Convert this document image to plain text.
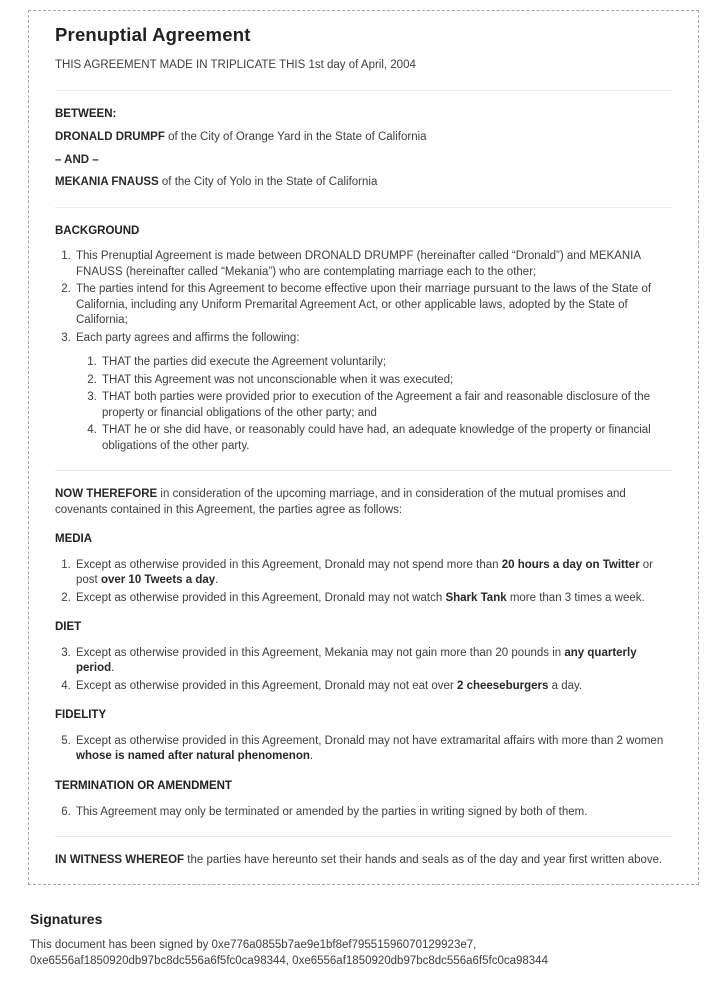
Prenuptial Agreement

THIS AGREEMENT MADE IN TRIPLICATE THIS 1st day of April, 2004

BETWEEN:

DRONALD DRUMPF of the City of Orange Yard in the State of California

– AND –

MEKANIA FNAUSS of the City of Yolo in the State of California

BACKGROUND

1. This Prenuptial Agreement is made between DRONALD DRUMPF (hereinafter called “Dronald”) and MEKANIA FNAUSS (hereinafter called “Mekania”) who are contemplating marriage each to the other;
2. The parties intend for this Agreement to become effective upon their marriage pursuant to the laws of the State of California, including any Uniform Premarital Agreement Act, or other applicable laws, adopted by the State of California;
3. Each party agrees and affirms the following:
1. THAT the parties did execute the Agreement voluntarily;
2. THAT this Agreement was not unconscionable when it was executed;
3. THAT both parties were provided prior to execution of the Agreement a fair and reasonable disclosure of the property or financial obligations of the other party; and
4. THAT he or she did have, or reasonably could have had, an adequate knowledge of the property or financial obligations of the other party.

NOW THEREFORE in consideration of the upcoming marriage, and in consideration of the mutual promises and covenants contained in this Agreement, the parties agree as follows:

MEDIA

1. Except as otherwise provided in this Agreement, Dronald may not spend more than 20 hours a day on Twitter or post over 10 Tweets a day.
2. Except as otherwise provided in this Agreement, Dronald may not watch Shark Tank more than 3 times a week.

DIET

3. Except as otherwise provided in this Agreement, Mekania may not gain more than 20 pounds in any quarterly period.
4. Except as otherwise provided in this Agreement, Dronald may not eat over 2 cheeseburgers a day.

FIDELITY

5. Except as otherwise provided in this Agreement, Dronald may not have extramarital affairs with more than 2 women whose is named after natural phenomenon.

TERMINATION OR AMENDMENT

6. This Agreement may only be terminated or amended by the parties in writing signed by both of them.

IN WITNESS WHEREOF the parties have hereunto set their hands and seals as of the day and year first written above.

Signatures

This document has been signed by 0xe776a0855b7ae9e1bf8ef79551596070129923e7, 0xe6556af1850920db97bc8dc556a6f5fc0ca98344, 0xe6556af1850920db97bc8dc556a6f5fc0ca98344
